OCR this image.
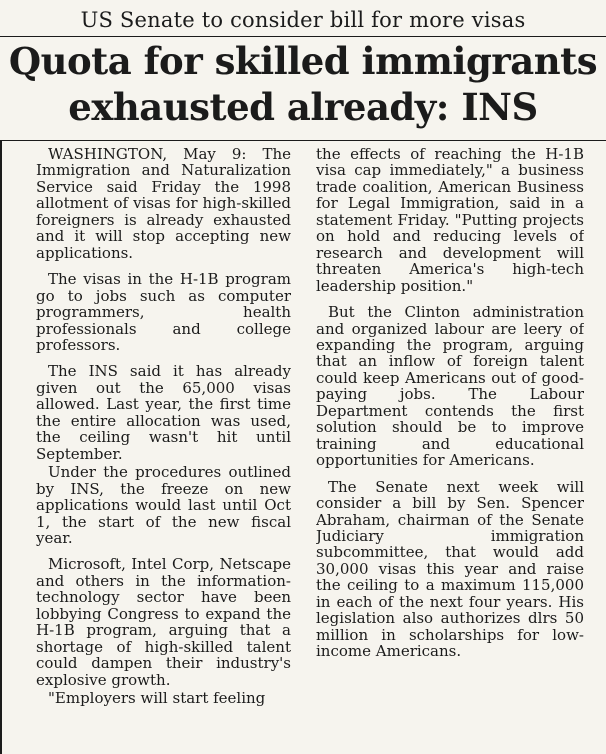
US Senate to consider bill for more visas
Quota for skilled immigrants
exhausted already: INS

WASHINGTON, May 9: The Immigration and Naturalization Service said Friday the 1998 allotment of visas for high-skilled foreigners is already exhausted and it will stop accepting new applications.

The visas in the H-1B program go to jobs such as computer programmers, health professionals and college professors.

The INS said it has already given out the 65,000 visas allowed. Last year, the first time the entire allocation was used, the ceiling wasn't hit until September.

Under the procedures outlined by INS, the freeze on new applications would last until Oct 1, the start of the new fiscal year.

Microsoft, Intel Corp, Netscape and others in the information-technology sector have been lobbying Congress to expand the H-1B program, arguing that a shortage of high-skilled talent could dampen their industry's explosive growth.

"Employers will start feeling

the effects of reaching the H-1B visa cap immediately," a business trade coalition, American Business for Legal Immigration, said in a statement Friday. "Putting projects on hold and reducing levels of research and development will threaten America's high-tech leadership position."

But the Clinton administration and organized labour are leery of expanding the program, arguing that an inflow of foreign talent could keep Americans out of good-paying jobs. The Labour Department contends the first solution should be to improve training and educational opportunities for Americans.

The Senate next week will consider a bill by Sen. Spencer Abraham, chairman of the Senate Judiciary immigration subcommittee, that would add 30,000 visas this year and raise the ceiling to a maximum 115,000 in each of the next four years. His legislation also authorizes dlrs 50 million in scholarships for low-income Americans.
